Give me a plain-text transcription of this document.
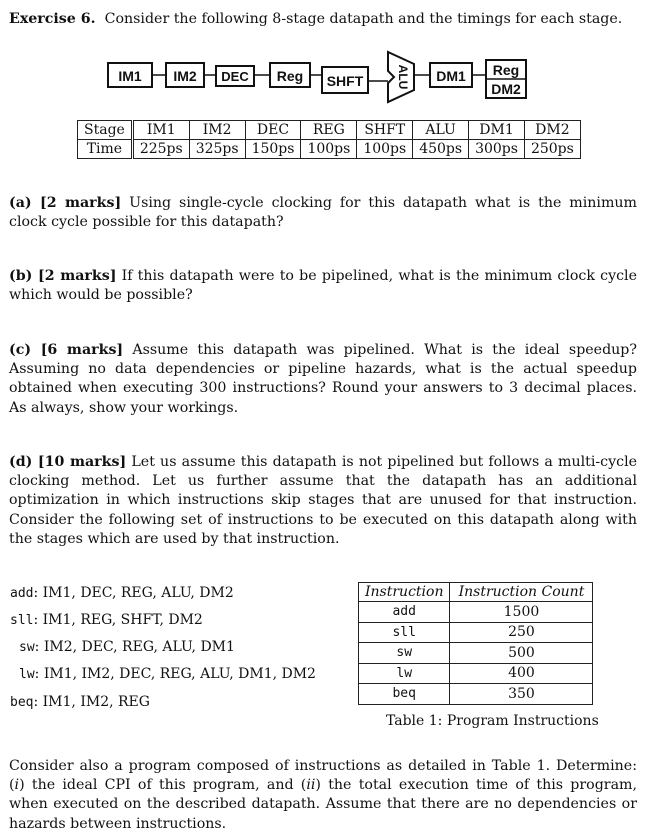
Exercise 6. Consider the following 8-stage datapath and the timings for each stage.
IM1 IM2 DEC Reg SHFT	ALU DM1 Reg
DM2
Stage	IM1	IM2	DEC	REG	SHFT	ALU	DM1	DM2
Time	225ps	325ps	150ps	100ps	100ps	450ps	300ps	250ps
(a) [2 marks] Using single-cycle clocking for this datapath what is the minimum clock cycle possible for this datapath?
(b) [2 marks] If this datapath were to be pipelined, what is the minimum clock cycle which would be possible?
(c) [6 marks] Assume this datapath was pipelined. What is the ideal speedup? Assuming no data dependencies or pipeline hazards, what is the actual speedup obtained when executing 300 instructions? Round your answers to 3 decimal places. As always, show your workings.
(d) [10 marks] Let us assume this datapath is not pipelined but follows a multi-cycle clocking method. Let us further assume that the datapath has an additional optimization in which instructions skip stages that are unused for that instruction. Consider the following set of instructions to be executed on this datapath along with the stages which are used by that instruction.
add: IM1, DEC, REG, ALU, DM2
sll: IM1, REG, SHFT, DM2
sw: IM2, DEC, REG, ALU, DM1
lw: IM1, IM2, DEC, REG, ALU, DM1, DM2
beq: IM1, IM2, REG
Instruction	Instruction Count
add	1500
sll	250
sw	500
lw	400
beq	350
Table 1: Program Instructions
Consider also a program composed of instructions as detailed in Table 1. Determine: (i) the ideal CPI of this program, and (ii) the total execution time of this program, when executed on the described datapath. Assume that there are no dependencies or hazards between instructions.
